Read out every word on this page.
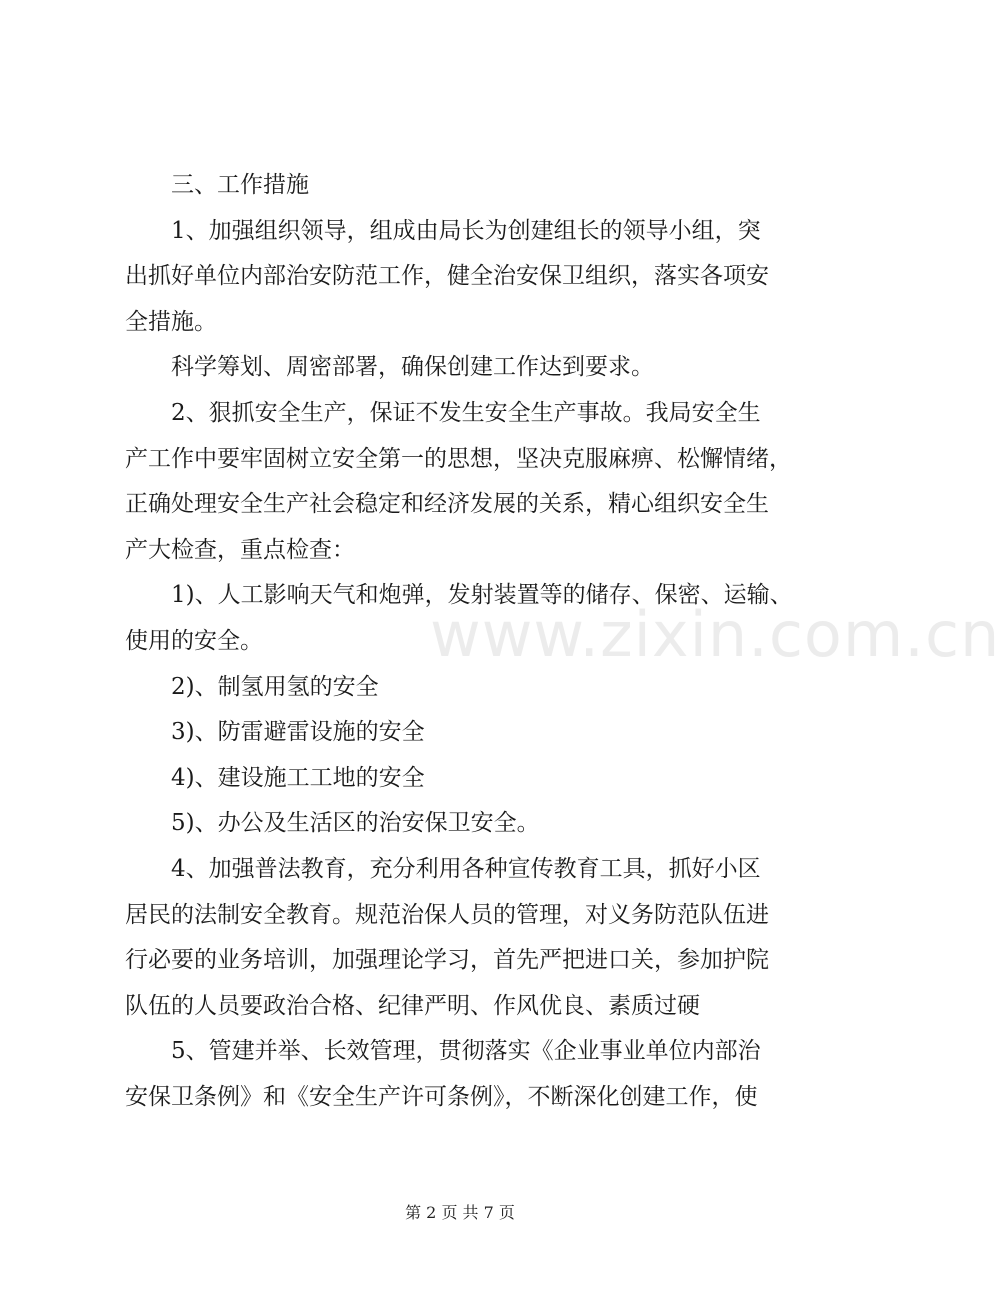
三、工作措施
1、加强组织领导，组成由局长为创建组长的领导小组，突
出抓好单位内部治安防范工作，健全治安保卫组织，落实各项安
全措施。
科学筹划、周密部署，确保创建工作达到要求。
2、狠抓安全生产，保证不发生安全生产事故。我局安全生
产工作中要牢固树立安全第一的思想，坚决克服麻痹、松懈情绪，
正确处理安全生产社会稳定和经济发展的关系，精心组织安全生
产大检查，重点检查：
1)、人工影响天气和炮弹，发射装置等的储存、保密、运输、
使用的安全。
2)、制氢用氢的安全
3)、防雷避雷设施的安全
4)、建设施工工地的安全
5)、办公及生活区的治安保卫安全。
4、加强普法教育，充分利用各种宣传教育工具，抓好小区
居民的法制安全教育。规范治保人员的管理，对义务防范队伍进
行必要的业务培训，加强理论学习，首先严把进口关，参加护院
队伍的人员要政治合格、纪律严明、作风优良、素质过硬
5、管建并举、长效管理，贯彻落实《企业事业单位内部治
安保卫条例》和《安全生产许可条例》，不断深化创建工作，使
www.zixin.com.cn
第 2 页 共 7 页
